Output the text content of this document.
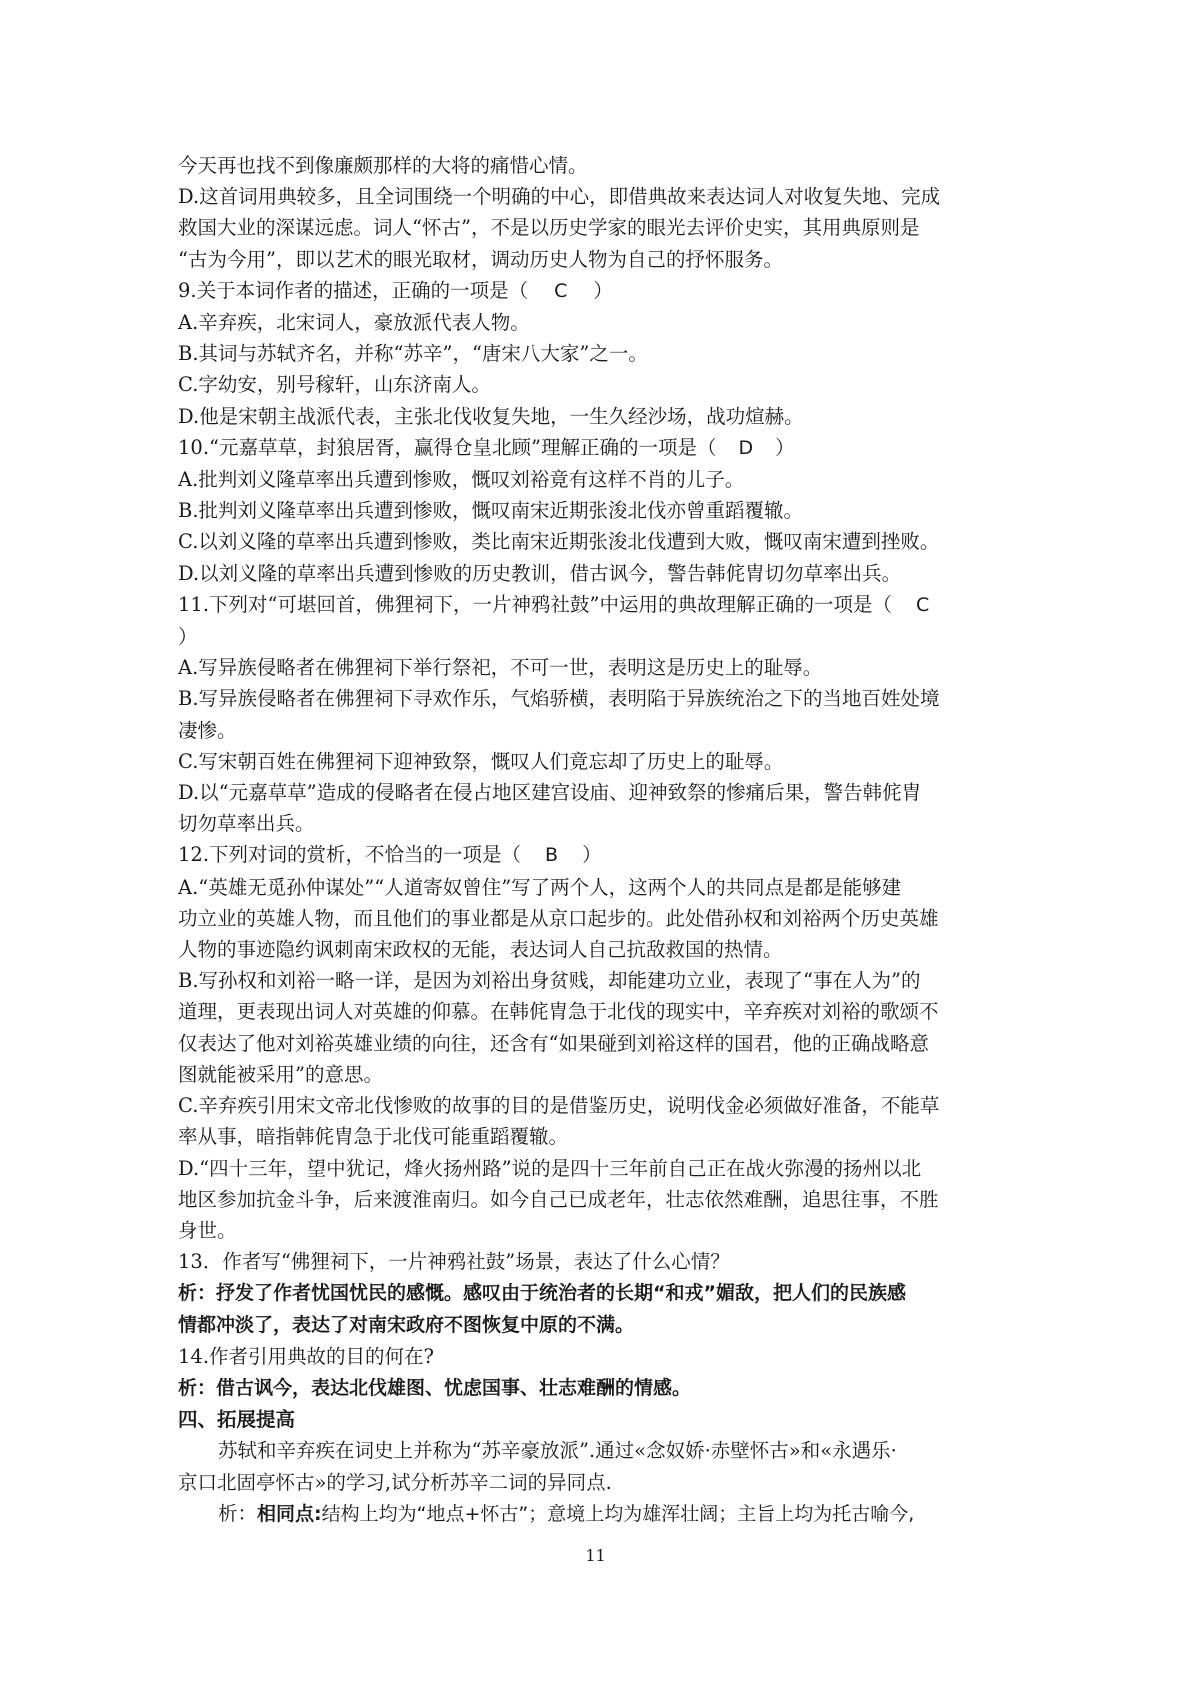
今天再也找不到像廉颇那样的大将的痛惜心情。

D.这首词用典较多，且全词围绕一个明确的中心，即借典故来表达词人对收复失地、完成

救国大业的深谋远虑。词人“怀古”，不是以历史学家的眼光去评价史实，其用典原则是

“古为今用”，即以艺术的眼光取材，调动历史人物为自己的抒怀服务。

9.关于本词作者的描述，正确的一项是（ C ）

A.辛弃疾，北宋词人，豪放派代表人物。

B.其词与苏轼齐名，并称“苏辛”，“唐宋八大家”之一。

C.字幼安，别号稼轩，山东济南人。

D.他是宋朝主战派代表，主张北伐收复失地，一生久经沙场，战功煊赫。

10.“元嘉草草，封狼居胥，赢得仓皇北顾”理解正确的一项是（ D ）

A.批判刘义隆草率出兵遭到惨败，慨叹刘裕竟有这样不肖的儿子。

B.批判刘义隆草率出兵遭到惨败，慨叹南宋近期张浚北伐亦曾重蹈覆辙。

C.以刘义隆的草率出兵遭到惨败，类比南宋近期张浚北伐遭到大败，慨叹南宋遭到挫败。

D.以刘义隆的草率出兵遭到惨败的历史教训，借古讽今，警告韩侂胄切勿草率出兵。

11.下列对“可堪回首，佛狸祠下，一片神鸦社鼓”中运用的典故理解正确的一项是（ C

）

A.写异族侵略者在佛狸祠下举行祭祀，不可一世，表明这是历史上的耻辱。

B.写异族侵略者在佛狸祠下寻欢作乐，气焰骄横，表明陷于异族统治之下的当地百姓处境

凄惨。

C.写宋朝百姓在佛狸祠下迎神致祭，慨叹人们竟忘却了历史上的耻辱。

D.以“元嘉草草”造成的侵略者在侵占地区建宫设庙、迎神致祭的惨痛后果，警告韩侂胄

切勿草率出兵。

12.下列对词的赏析，不恰当的一项是（ B ）

A.“英雄无觅孙仲谋处”“人道寄奴曾住”写了两个人，这两个人的共同点是都是能够建

功立业的英雄人物，而且他们的事业都是从京口起步的。此处借孙权和刘裕两个历史英雄

人物的事迹隐约讽刺南宋政权的无能，表达词人自己抗敌救国的热情。

B.写孙权和刘裕一略一详，是因为刘裕出身贫贱，却能建功立业，表现了“事在人为”的

道理，更表现出词人对英雄的仰慕。在韩侂胄急于北伐的现实中，辛弃疾对刘裕的歌颂不

仅表达了他对刘裕英雄业绩的向往，还含有“如果碰到刘裕这样的国君，他的正确战略意

图就能被采用”的意思。

C.辛弃疾引用宋文帝北伐惨败的故事的目的是借鉴历史，说明伐金必须做好准备，不能草

率从事，暗指韩侂胄急于北伐可能重蹈覆辙。

D.“四十三年，望中犹记，烽火扬州路”说的是四十三年前自己正在战火弥漫的扬州以北

地区参加抗金斗争，后来渡淮南归。如今自己已成老年，壮志依然难酬，追思往事，不胜

身世。

13．作者写“佛狸祠下，一片神鸦社鼓”场景，表达了什么心情？

析：抒发了作者忧国忧民的感慨。感叹由于统治者的长期“和戎”媚敌，把人们的民族感

情都冲淡了，表达了对南宋政府不图恢复中原的不满。

14.作者引用典故的目的何在?

析：借古讽今，表达北伐雄图、忧虑国事、壮志难酬的情感。

四、拓展提高

苏轼和辛弃疾在词史上并称为“苏辛豪放派”.通过«念奴娇·赤壁怀古»和«永遇乐·

京口北固亭怀古»的学习,试分析苏辛二词的异同点.

析：相同点:结构上均为“地点+怀古”；意境上均为雄浑壮阔；主旨上均为托古喻今,

11
